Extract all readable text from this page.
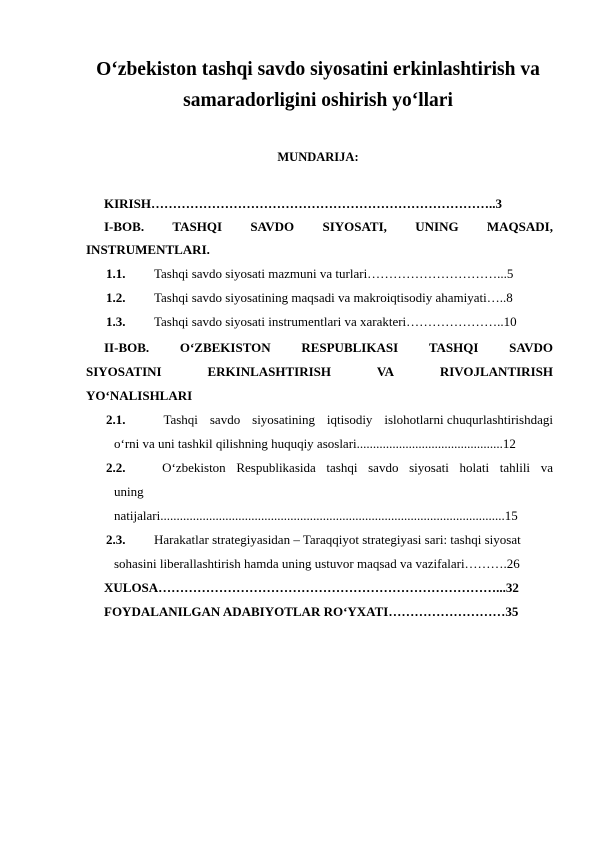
O‘zbekiston tashqi savdo siyosatini erkinlashtirish va
samaradorligini oshirish yo‘llari
MUNDARIJA:
KIRISH……………………………………………………………………..3
I-BOB. TASHQI SAVDO SIYOSATI, UNING MAQSADI,
INSTRUMENTLARI.
1.1. Tashqi savdo siyosati mazmuni va turlari…………………………...5
1.2. Tashqi savdo siyosatining maqsadi va makroiqtisodiy ahamiyati…..8
1.3. Tashqi savdo siyosati instrumentlari va xarakteri…………………..10
II-BOB. O‘ZBEKISTON RESPUBLIKASI TASHQI SAVDO
SIYOSATINI	ERKINLASHTIRISH	VA	RIVOJLANTIRISH
YO‘NALISHLARI
2.1.	Tashqi savdo siyosatining iqtisodiy islohotlarni chuqurlashtirishdagi
o‘rni va uni tashkil qilishning huquqiy asoslari.............................................12
2.2.	O‘zbekiston Respublikasida tashqi savdo siyosati holati tahlili va
uning
natijalari..........................................................................................................15
2.3. Harakatlar strategiyasidan – Taraqqiyot strategiyasi sari: tashqi siyosat
sohasini liberallashtirish hamda uning ustuvor maqsad va vazifalari……….26
XULOSA……………………………………………………………………...32
FOYDALANILGAN ADABIYOTLAR RO‘YXATI………………………35
